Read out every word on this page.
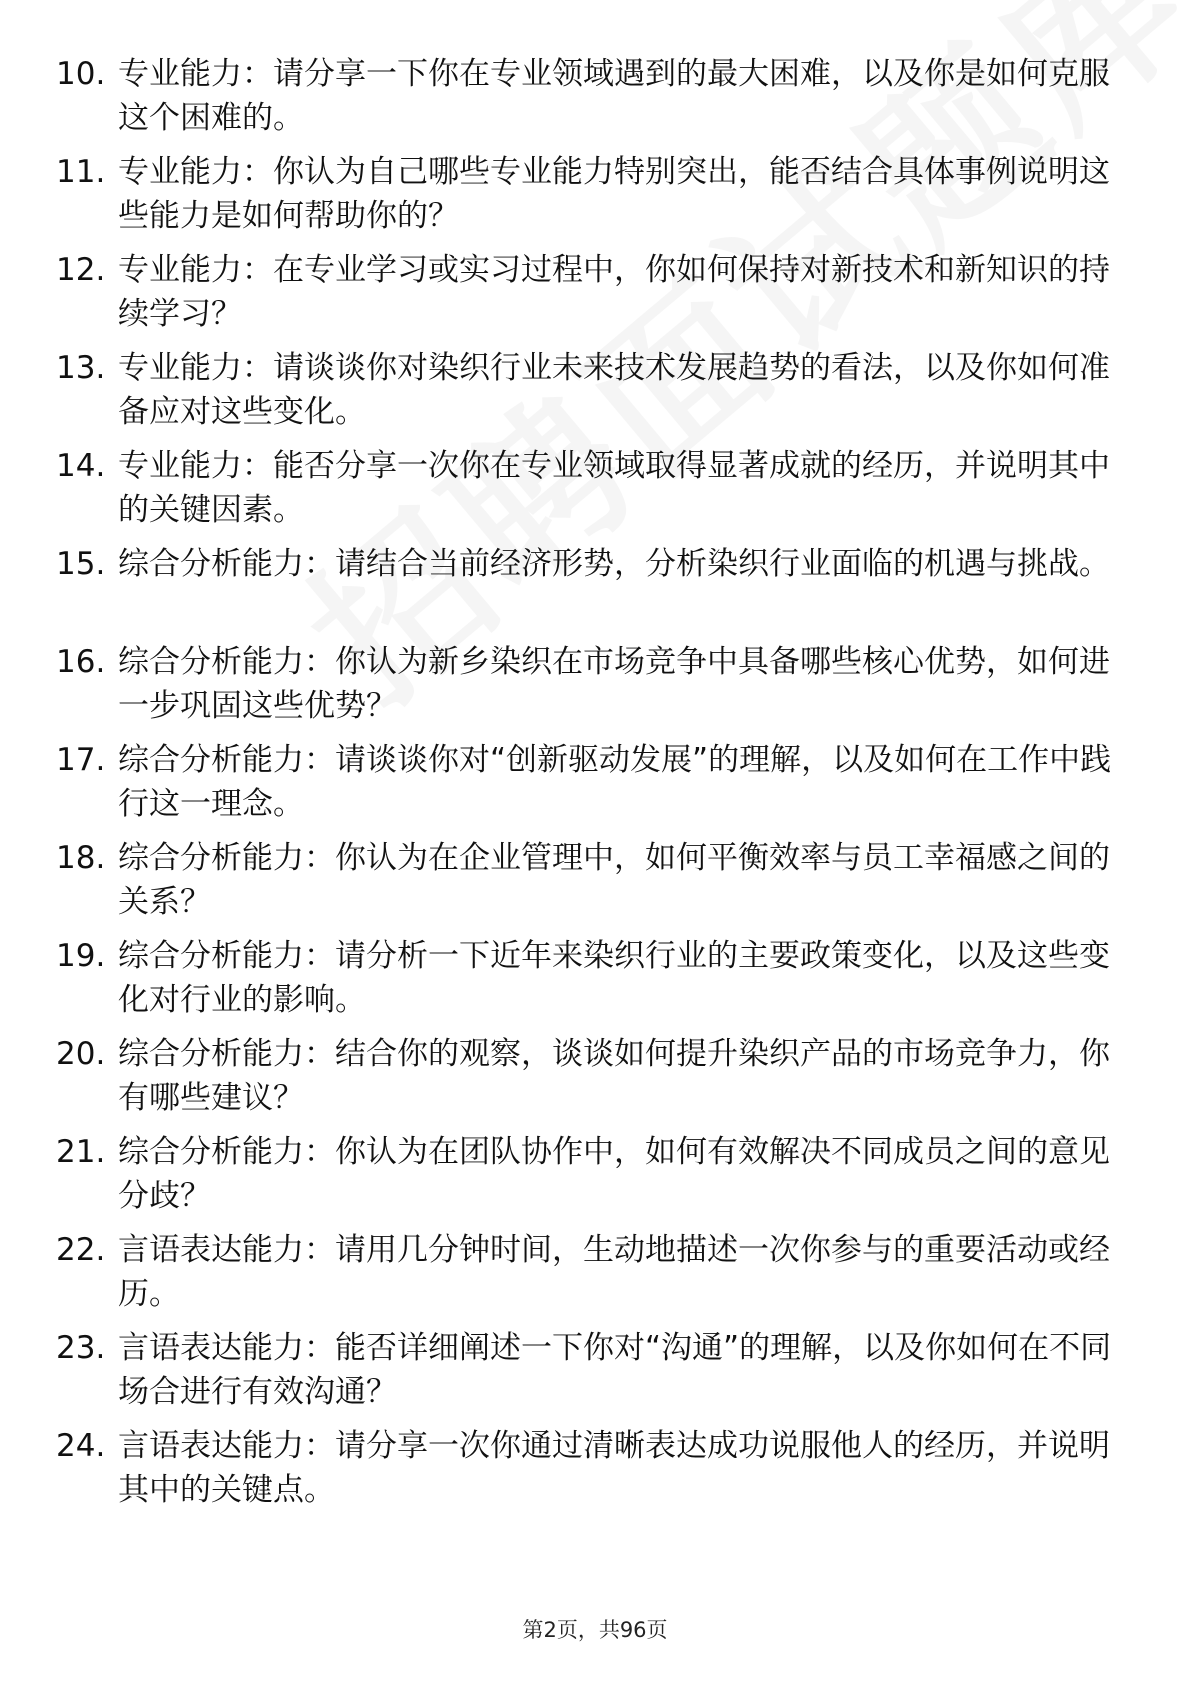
10. 专业能力：请分享一下你在专业领域遇到的最大困难，以及你是如何克服这个困难的。
11. 专业能力：你认为自己哪些专业能力特别突出，能否结合具体事例说明这些能力是如何帮助你的？
12. 专业能力：在专业学习或实习过程中，你如何保持对新技术和新知识的持续学习？
13. 专业能力：请谈谈你对染织行业未来技术发展趋势的看法，以及你如何准备应对这些变化。
14. 专业能力：能否分享一次你在专业领域取得显著成就的经历，并说明其中的关键因素。
15. 综合分析能力：请结合当前经济形势，分析染织行业面临的机遇与挑战。
16. 综合分析能力：你认为新乡染织在市场竞争中具备哪些核心优势，如何进一步巩固这些优势？
17. 综合分析能力：请谈谈你对“创新驱动发展”的理解，以及如何在工作中践行这一理念。
18. 综合分析能力：你认为在企业管理中，如何平衡效率与员工幸福感之间的关系？
19. 综合分析能力：请分析一下近年来染织行业的主要政策变化，以及这些变化对行业的影响。
20. 综合分析能力：结合你的观察，谈谈如何提升染织产品的市场竞争力，你有哪些建议？
21. 综合分析能力：你认为在团队协作中，如何有效解决不同成员之间的意见分歧？
22. 言语表达能力：请用几分钟时间，生动地描述一次你参与的重要活动或经历。
23. 言语表达能力：能否详细阐述一下你对“沟通”的理解，以及你如何在不同场合进行有效沟通？
24. 言语表达能力：请分享一次你通过清晰表达成功说服他人的经历，并说明其中的关键点。
第2页，共96页
